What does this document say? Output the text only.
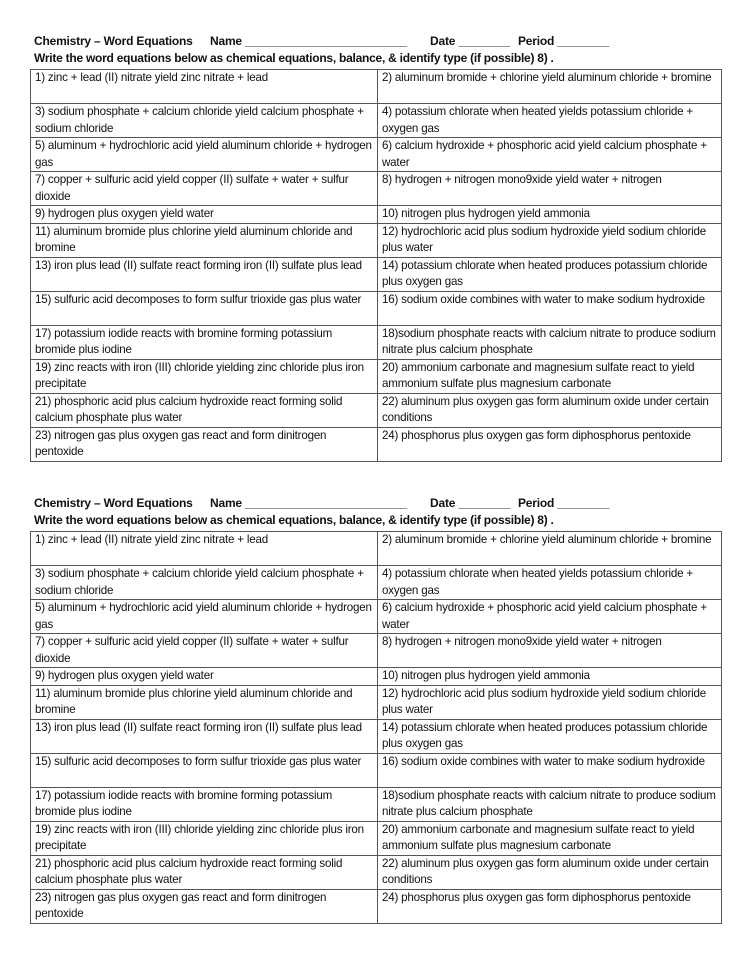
Chemistry – Word Equations Name _________________________ Date ________ Period ________
Write the word equations below as chemical equations, balance, & identify type (if possible) 8) .
1) zinc + lead (II) nitrate yield zinc nitrate + lead	2) aluminum bromide + chlorine yield aluminum chloride + bromine
3) sodium phosphate + calcium chloride yield calcium phosphate + sodium chloride	4) potassium chlorate when heated yields potassium chloride + oxygen gas
5) aluminum + hydrochloric acid yield aluminum chloride + hydrogen gas	6) calcium hydroxide + phosphoric acid yield calcium phosphate + water
7) copper + sulfuric acid yield copper (II) sulfate + water + sulfur dioxide	8) hydrogen + nitrogen mono9xide yield water + nitrogen
9) hydrogen plus oxygen yield water	10) nitrogen plus hydrogen yield ammonia
11) aluminum bromide plus chlorine yield aluminum chloride and bromine	12) hydrochloric acid plus sodium hydroxide yield sodium chloride plus water
13) iron plus lead (II) sulfate react forming iron (II) sulfate plus lead	14) potassium chlorate when heated produces potassium chloride plus oxygen gas
15) sulfuric acid decomposes to form sulfur trioxide gas plus water	16) sodium oxide combines with water to make sodium hydroxide
17) potassium iodide reacts with bromine forming potassium bromide plus iodine	18)sodium phosphate reacts with calcium nitrate to produce sodium nitrate plus calcium phosphate
19) zinc reacts with iron (III) chloride yielding zinc chloride plus iron precipitate	20) ammonium carbonate and magnesium sulfate react to yield ammonium sulfate plus magnesium carbonate
21) phosphoric acid plus calcium hydroxide react forming solid calcium phosphate plus water	22) aluminum plus oxygen gas form aluminum oxide under certain conditions
23) nitrogen gas plus oxygen gas react and form dinitrogen pentoxide	24) phosphorus plus oxygen gas form diphosphorus pentoxide
Chemistry – Word Equations Name _________________________ Date ________ Period ________
Write the word equations below as chemical equations, balance, & identify type (if possible) 8) .
1) zinc + lead (II) nitrate yield zinc nitrate + lead	2) aluminum bromide + chlorine yield aluminum chloride + bromine
3) sodium phosphate + calcium chloride yield calcium phosphate + sodium chloride	4) potassium chlorate when heated yields potassium chloride + oxygen gas
5) aluminum + hydrochloric acid yield aluminum chloride + hydrogen gas	6) calcium hydroxide + phosphoric acid yield calcium phosphate + water
7) copper + sulfuric acid yield copper (II) sulfate + water + sulfur dioxide	8) hydrogen + nitrogen mono9xide yield water + nitrogen
9) hydrogen plus oxygen yield water	10) nitrogen plus hydrogen yield ammonia
11) aluminum bromide plus chlorine yield aluminum chloride and bromine	12) hydrochloric acid plus sodium hydroxide yield sodium chloride plus water
13) iron plus lead (II) sulfate react forming iron (II) sulfate plus lead	14) potassium chlorate when heated produces potassium chloride plus oxygen gas
15) sulfuric acid decomposes to form sulfur trioxide gas plus water	16) sodium oxide combines with water to make sodium hydroxide
17) potassium iodide reacts with bromine forming potassium bromide plus iodine	18)sodium phosphate reacts with calcium nitrate to produce sodium nitrate plus calcium phosphate
19) zinc reacts with iron (III) chloride yielding zinc chloride plus iron precipitate	20) ammonium carbonate and magnesium sulfate react to yield ammonium sulfate plus magnesium carbonate
21) phosphoric acid plus calcium hydroxide react forming solid calcium phosphate plus water	22) aluminum plus oxygen gas form aluminum oxide under certain conditions
23) nitrogen gas plus oxygen gas react and form dinitrogen pentoxide	24) phosphorus plus oxygen gas form diphosphorus pentoxide
